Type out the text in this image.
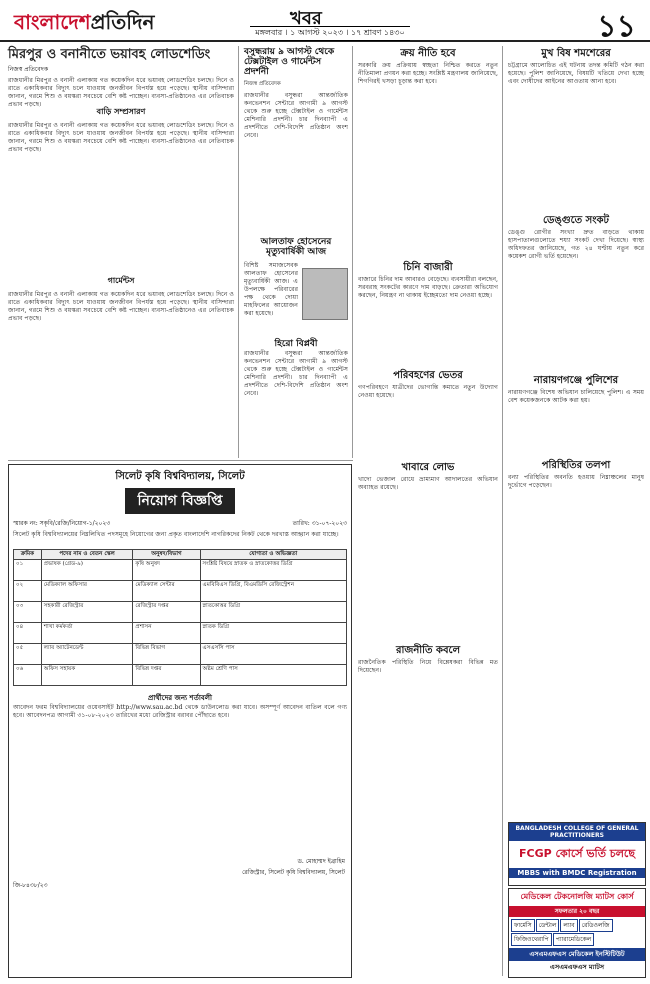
বাংলাদেশপ্রতিদিন	খবর
মঙ্গলবার । ১ আগস্ট ২০২৩ । ১৭ শ্রাবণ ১৪৩০	১১
মিরপুর ও বনানীতে ভয়াবহ লোডশেডিং
নিজস্ব প্রতিবেদক
রাজধানীর মিরপুর ও বনানী এলাকায় গত কয়েকদিন ধরে ভয়াবহ লোডশেডিং চলছে। দিনে ও রাতে একাধিকবার বিদ্যুৎ চলে যাওয়ায় জনজীবন বিপর্যস্ত হয়ে পড়েছে। স্থানীয় বাসিন্দারা জানান, গরমে শিশু ও বয়স্করা সবচেয়ে বেশি কষ্ট পাচ্ছেন। ব্যবসা-প্রতিষ্ঠানেও এর নেতিবাচক প্রভাব পড়ছে।
বাড়ি সম্প্রসারণ
রাজধানীর মিরপুর ও বনানী এলাকায় গত কয়েকদিন ধরে ভয়াবহ লোডশেডিং চলছে। দিনে ও রাতে একাধিকবার বিদ্যুৎ চলে যাওয়ায় জনজীবন বিপর্যস্ত হয়ে পড়েছে। স্থানীয় বাসিন্দারা জানান, গরমে শিশু ও বয়স্করা সবচেয়ে বেশি কষ্ট পাচ্ছেন। ব্যবসা-প্রতিষ্ঠানেও এর নেতিবাচক প্রভাব পড়ছে।
গার্মেন্টস
রাজধানীর মিরপুর ও বনানী এলাকায় গত কয়েকদিন ধরে ভয়াবহ লোডশেডিং চলছে। দিনে ও রাতে একাধিকবার বিদ্যুৎ চলে যাওয়ায় জনজীবন বিপর্যস্ত হয়ে পড়েছে। স্থানীয় বাসিন্দারা জানান, গরমে শিশু ও বয়স্করা সবচেয়ে বেশি কষ্ট পাচ্ছেন। ব্যবসা-প্রতিষ্ঠানেও এর নেতিবাচক প্রভাব পড়ছে।
বসুন্ধরায় ৯ আগস্ট থেকে টেক্সটাইল ও গার্মেন্টস প্রদর্শনী
নিজস্ব প্রতিবেদক
রাজধানীর বসুন্ধরা আন্তর্জাতিক কনভেনশন সেন্টারে আগামী ৯ আগস্ট থেকে শুরু হচ্ছে টেক্সটাইল ও গার্মেন্টস মেশিনারি প্রদর্শনী। চার দিনব্যাপী এ প্রদর্শনীতে দেশি-বিদেশি প্রতিষ্ঠান অংশ নেবে।
আলতাফ হোসেনের মৃত্যুবার্ষিকী আজ
বিশিষ্ট সমাজসেবক আলতাফ হোসেনের মৃত্যুবার্ষিকী আজ। এ উপলক্ষে পরিবারের পক্ষ থেকে দোয়া মাহফিলের আয়োজন করা হয়েছে।
হিরো বিপ্লবী
রাজধানীর বসুন্ধরা আন্তর্জাতিক কনভেনশন সেন্টারে আগামী ৯ আগস্ট থেকে শুরু হচ্ছে টেক্সটাইল ও গার্মেন্টস মেশিনারি প্রদর্শনী। চার দিনব্যাপী এ প্রদর্শনীতে দেশি-বিদেশি প্রতিষ্ঠান অংশ নেবে।
ক্রয় নীতি হবে
সরকারি ক্রয় প্রক্রিয়ায় স্বচ্ছতা নিশ্চিত করতে নতুন নীতিমালা প্রণয়ন করা হচ্ছে। সংশ্লিষ্ট মন্ত্রণালয় জানিয়েছে, শিগগিরই খসড়া চূড়ান্ত করা হবে।
চিনি বাজারী
বাজারে চিনির দাম আবারও বেড়েছে। ব্যবসায়ীরা বলছেন, সরবরাহ সংকটের কারণে দাম বাড়ছে। ক্রেতারা অভিযোগ করছেন, নিয়ন্ত্রণ না থাকায় ইচ্ছেমতো দাম নেওয়া হচ্ছে।
পরিবহণের ভেতর
গণপরিবহণে যাত্রীদের ভোগান্তি কমাতে নতুন উদ্যোগ নেওয়া হয়েছে।
মুখ বিষ শমশেরের
চট্টগ্রামে আলোচিত এই ঘটনায় তদন্ত কমিটি গঠন করা হয়েছে। পুলিশ জানিয়েছে, বিষয়টি খতিয়ে দেখা হচ্ছে এবং দোষীদের আইনের আওতায় আনা হবে।
ডেঙ্গুতে সংকট
ডেঙ্গু রোগীর সংখ্যা দ্রুত বাড়তে থাকায় হাসপাতালগুলোতে শয্যা সংকট দেখা দিয়েছে। স্বাস্থ্য অধিদফতর জানিয়েছে, গত ২৪ ঘণ্টায় নতুন করে কয়েকশ রোগী ভর্তি হয়েছেন।
নারায়ণগঞ্জে পুলিশের
নারায়ণগঞ্জে বিশেষ অভিযান চালিয়েছে পুলিশ। এ সময় বেশ কয়েকজনকে আটক করা হয়।
পরিস্থিতির তলপা
বন্যা পরিস্থিতির অবনতি হওয়ায় নিম্নাঞ্চলের মানুষ দুর্ভোগে পড়েছেন।
খাবারে লোভ
খাদ্যে ভেজাল রোধে ভ্রাম্যমাণ আদালতের অভিযান অব্যাহত রয়েছে।
রাজনীতি কবলে
রাজনৈতিক পরিস্থিতি নিয়ে বিশ্লেষকরা বিভিন্ন মত দিয়েছেন।
সিলেট কৃষি বিশ্ববিদ্যালয়, সিলেট
নিয়োগ বিজ্ঞপ্তি
স্মারক নং: সকৃবি/রেজি/নিয়োগ-১/২০২৩	তারিখ: ৩১-০৭-২০২৩
সিলেট কৃষি বিশ্ববিদ্যালয়ের নিম্নলিখিত পদসমূহে নিয়োগের জন্য প্রকৃত বাংলাদেশি নাগরিকদের নিকট থেকে দরখাস্ত আহ্বান করা যাচ্ছে।
ক্রমিক	পদের নাম ও বেতন স্কেল	অনুষদ/বিভাগ	যোগ্যতা ও অভিজ্ঞতা
০১	প্রভাষক (গ্রেড-৯)	কৃষি অনুষদ	সংশ্লিষ্ট বিষয়ে স্নাতক ও স্নাতকোত্তর ডিগ্রি
০২	মেডিক্যাল অফিসার	মেডিক্যাল সেন্টার	এমবিবিএস ডিগ্রি, বিএমডিসি রেজিস্ট্রেশন
০৩	সহকারী রেজিস্ট্রার	রেজিস্ট্রার দপ্তর	স্নাতকোত্তর ডিগ্রি
০৪	শাখা কর্মকর্তা	প্রশাসন	স্নাতক ডিগ্রি
০৫	ল্যাব অ্যাটেনডেন্ট	বিভিন্ন বিভাগ	এসএসসি পাস
০৬	অফিস সহায়ক	বিভিন্ন দপ্তর	অষ্টম শ্রেণি পাস
প্রার্থীদের জন্য শর্তাবলী
আবেদন ফরম বিশ্ববিদ্যালয়ের ওয়েবসাইট http://www.sau.ac.bd থেকে ডাউনলোড করা যাবে। অসম্পূর্ণ আবেদন বাতিল বলে গণ্য হবে। আবেদনপত্র আগামী ৩১-০৮-২০২৩ তারিখের মধ্যে রেজিস্ট্রার বরাবর পৌঁছাতে হবে।
ড. মোহাম্মদ ইব্রাহিম
রেজিস্ট্রার, সিলেট কৃষি বিশ্ববিদ্যালয়, সিলেট
জি-৮৪৩৮/২৩
BANGLADESH COLLEGE OF GENERAL PRACTITIONERS
FCGP কোর্সে ভর্তি চলছে
MBBS with BMDC Registration
মেডিকেল টেকনোলজি ম্যাটস কোর্স
সফলতার ২০ বছর
ফার্মেসি	ডেন্টাল	ল্যাব	রেডিওলজি
ফিজিওথেরাপি	প্যারামেডিকেল
এসএমএফএস মেডিকেল ইনস্টিটিউট
এসএমএফএস ম্যাটস
